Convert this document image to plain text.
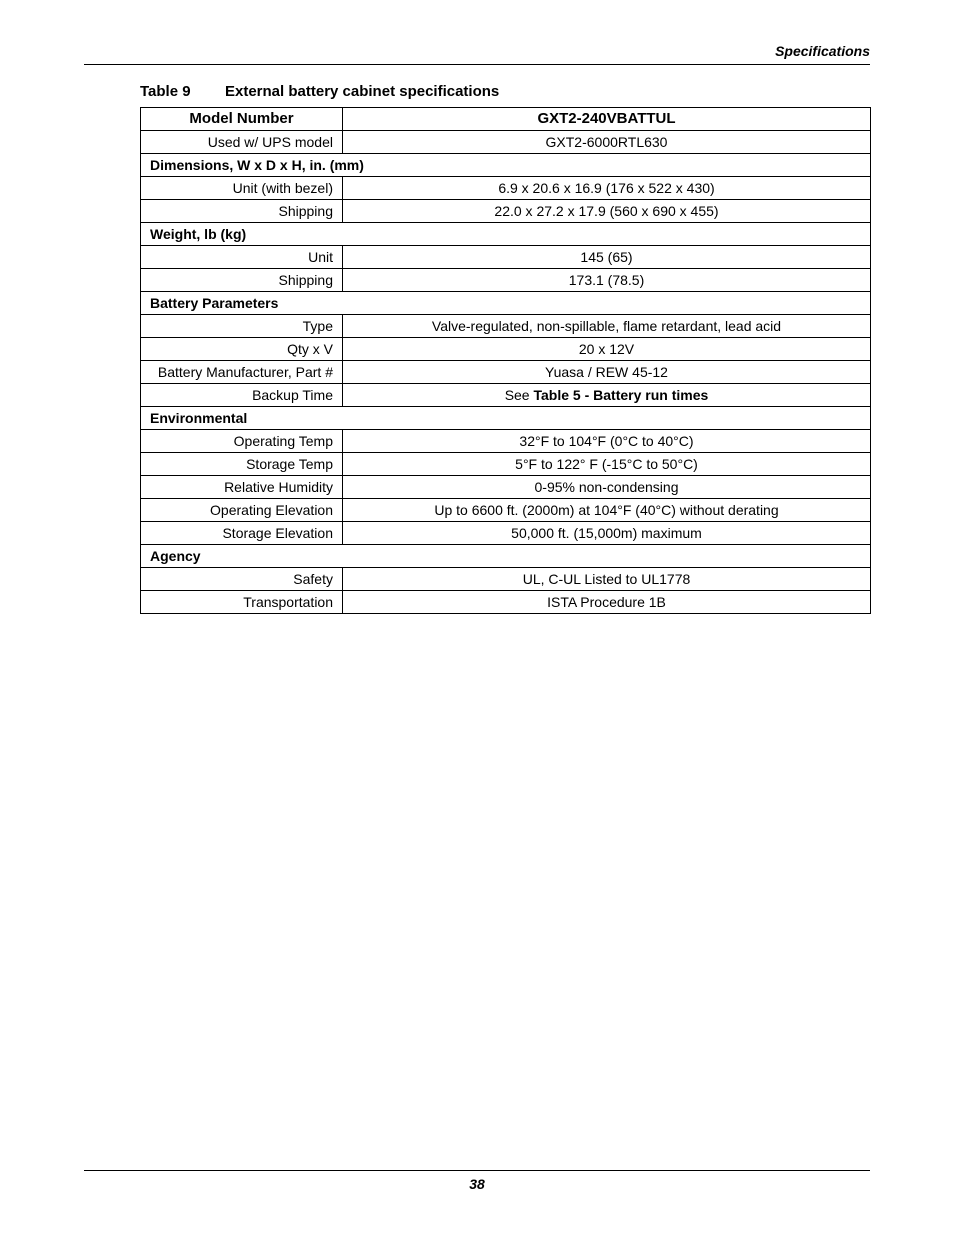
Specifications
Table 9 External battery cabinet specifications
Model Number	GXT2-240VBATTUL
Used w/ UPS model	GXT2-6000RTL630
Dimensions, W x D x H, in. (mm)	
Unit (with bezel)	6.9 x 20.6 x 16.9 (176 x 522 x 430)
Shipping	22.0 x 27.2 x 17.9 (560 x 690 x 455)
Weight, lb (kg)	
Unit	145 (65)
Shipping	173.1 (78.5)
Battery Parameters	
Type	Valve-regulated, non-spillable, flame retardant, lead acid
Qty x V	20 x 12V
Battery Manufacturer, Part #	Yuasa / REW 45-12
Backup Time	See Table 5 - Battery run times
Environmental	
Operating Temp	32°F to 104°F (0°C to 40°C)
Storage Temp	5°F to 122° F (-15°C to 50°C)
Relative Humidity	0-95% non-condensing
Operating Elevation	Up to 6600 ft. (2000m) at 104°F (40°C) without derating
Storage Elevation	50,000 ft. (15,000m) maximum
Agency	
Safety	UL, C-UL Listed to UL1778
Transportation	ISTA Procedure 1B
38
